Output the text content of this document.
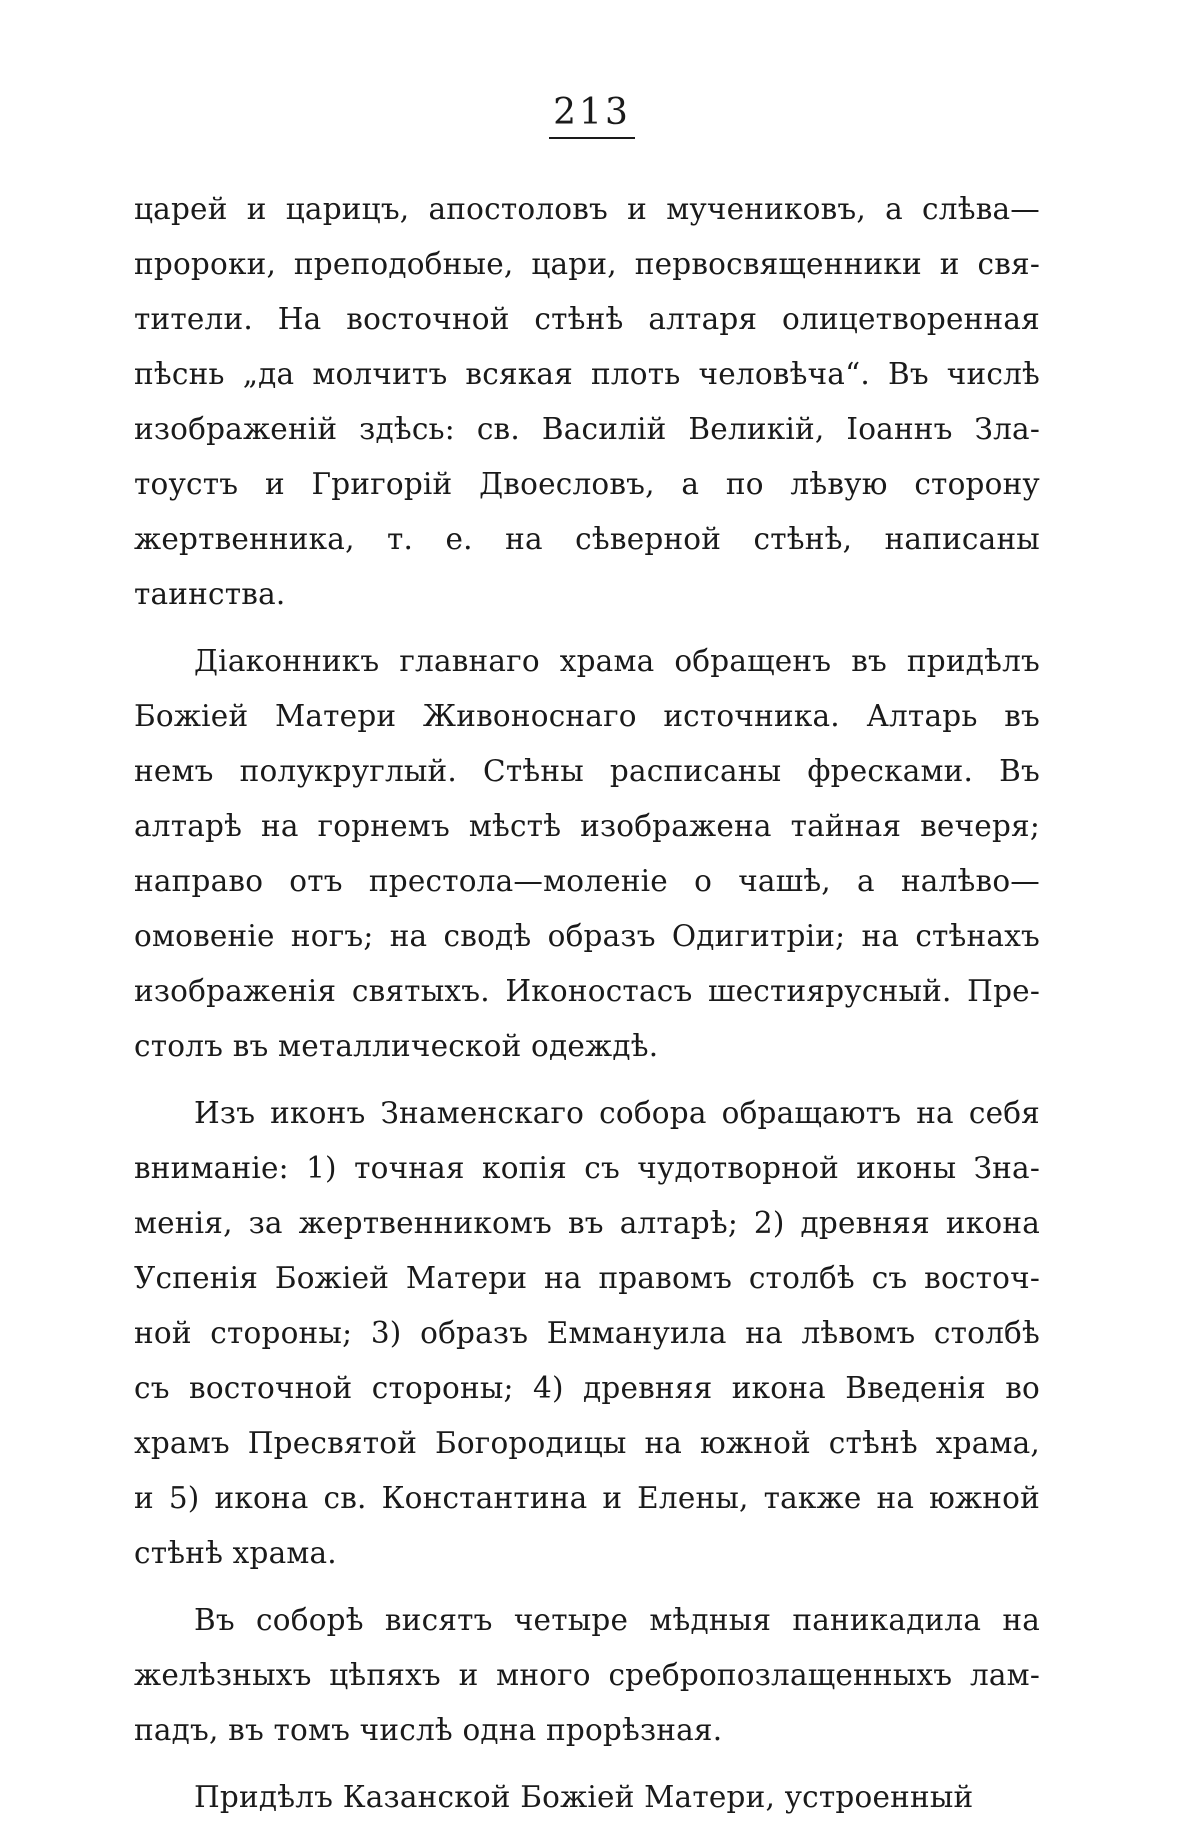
213
царей и царицъ, апостоловъ и мучениковъ, а слѣва—
пророки, преподобные, цари, первосвященники и свя-
тители. На восточной стѣнѣ алтаря олицетворенная
пѣснь „да молчитъ всякая плоть человѣча“. Въ числѣ
изображеній здѣсь: св. Василій Великій, Іоаннъ Зла-
тоустъ и Григорій Двоесловъ, а по лѣвую сторону
жертвенника, т. е. на сѣверной стѣнѣ, написаны
таинства.
Діаконникъ главнаго храма обращенъ въ придѣлъ
Божіей Матери Живоноснаго источника. Алтарь въ
немъ полукруглый. Стѣны расписаны фресками. Въ
алтарѣ на горнемъ мѣстѣ изображена тайная вечеря;
направо отъ престола—моленіе о чашѣ, а налѣво—
омовеніе ногъ; на сводѣ образъ Одигитріи; на стѣнахъ
изображенія святыхъ. Иконостасъ шестиярусный. Пре-
столъ въ металлической одеждѣ.
Изъ иконъ Знаменскаго собора обращаютъ на себя
вниманіе: 1) точная копія съ чудотворной иконы Зна-
менія, за жертвенникомъ въ алтарѣ; 2) древняя икона
Успенія Божіей Матери на правомъ столбѣ съ восточ-
ной стороны; 3) образъ Еммануила на лѣвомъ столбѣ
съ восточной стороны; 4) древняя икона Введенія во
храмъ Пресвятой Богородицы на южной стѣнѣ храма,
и 5) икона св. Константина и Елены, также на южной
стѣнѣ храма.
Въ соборѣ висятъ четыре мѣдныя паникадила на
желѣзныхъ цѣпяхъ и много сребропозлащенныхъ лам-
падъ, въ томъ числѣ одна прорѣзная.
Придѣлъ Казанской Божіей Матери, устроенный
